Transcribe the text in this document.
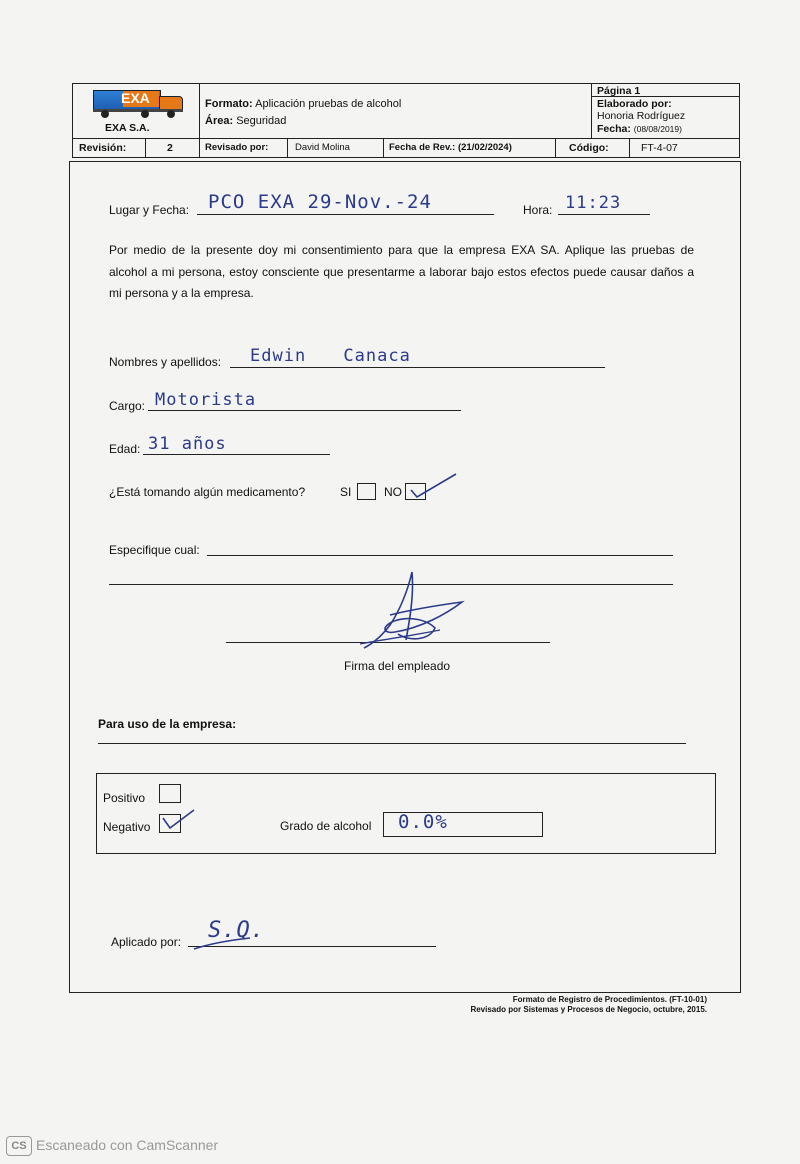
EXA
EXA S.A.
Formato: Aplicación pruebas de alcohol
Área: Seguridad
Página 1
Elaborado por:
Honoria Rodríguez
Fecha: (08/08/2019)
Revisión:	2	Revisado por:	David Molina	Fecha de Rev.: (21/02/2024)	Código:	FT-4-07
Lugar y Fecha: PCO EXA 29-Nov.-24	Hora: 11:23

Por medio de la presente doy mi consentimiento para que la empresa EXA SA. Aplique las pruebas de alcohol a mi persona, estoy consciente que presentarme a laborar bajo estos efectos puede causar daños a mi persona y a la empresa.

Nombres y apellidos: Edwin Canaca
Cargo: Motorista
Edad: 31 años
¿Está tomando algún medicamento?	SI	NO
Especifique cual:
Firma del empleado
Para uso de la empresa:
Positivo
Negativo	Grado de alcohol 0.0%
Aplicado por: S.Q.
Formato de Registro de Procedimientos. (FT-10-01)
Revisado por Sistemas y Procesos de Negocio, octubre, 2015.
CS Escaneado con CamScanner
